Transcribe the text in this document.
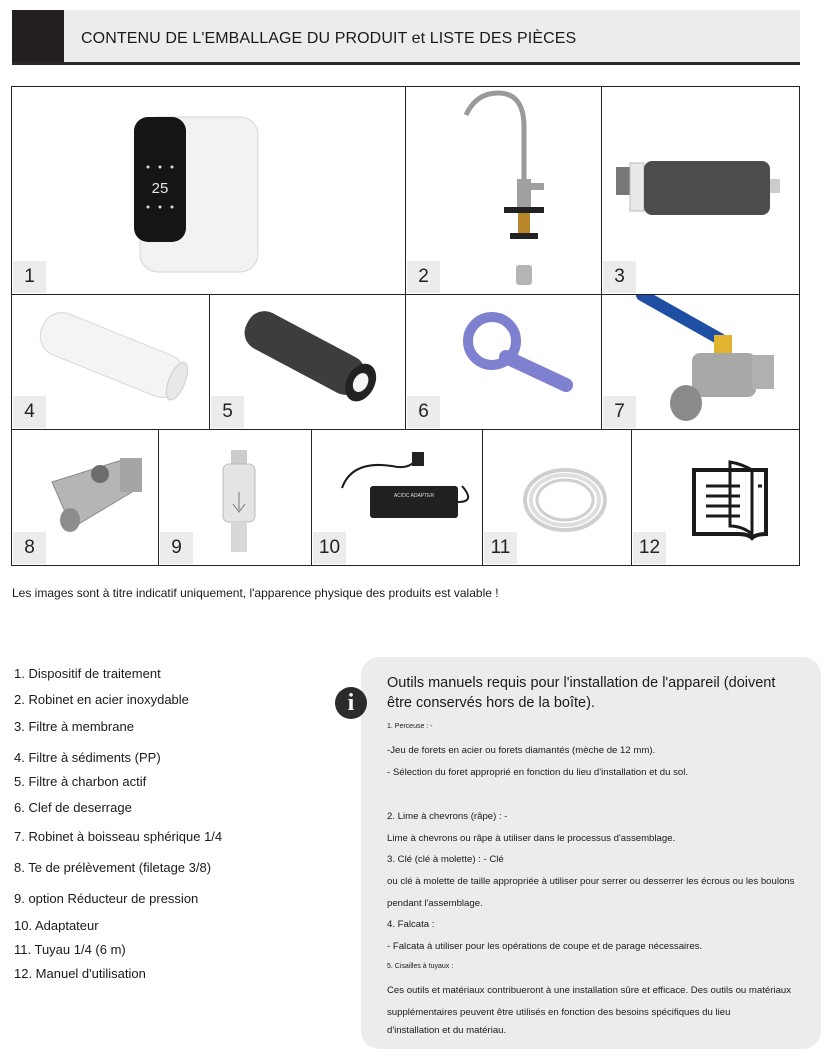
CONTENU DE L'EMBALLAGE DU PRODUIT et LISTE DES PIÈCES
25
1	2	3
4	5	6	7
8	9
AC/DC ADAPTER
10	11	12
Les images sont à titre indicatif uniquement, l'apparence physique des produits est valable !
1. Dispositif de traitement
2. Robinet en acier inoxydable
3. Filtre à membrane
4. Filtre à sédiments (PP)
5. Filtre à charbon actif
6. Clef de deserrage
7. Robinet à boisseau sphérique 1/4
8. Te de prélèvement (filetage 3/8)
9. option Réducteur de pression
10. Adaptateur
11. Tuyau 1/4 (6 m)
12. Manuel d'utilisation
Outils manuels requis pour l'installation de l'appareil (doivent
être conservés hors de la boîte).
1. Perceuse : -
-Jeu de forets en acier ou forets diamantés (mèche de 12 mm).
- Sélection du foret approprié en fonction du lieu d'installation et du sol.
2. Lime à chevrons (râpe) : -
Lime à chevrons ou râpe à utiliser dans le processus d'assemblage.
3. Clé (clé à molette) : - Clé
ou clé à molette de taille appropriée à utiliser pour serrer ou desserrer les écrous ou les boulons
pendant l'assemblage.
4. Falcata :
- Falcata à utiliser pour les opérations de coupe et de parage nécessaires.
5. Cisailles à tuyaux :
Ces outils et matériaux contribueront à une installation sûre et efficace. Des outils ou matériaux
supplémentaires peuvent être utilisés en fonction des besoins spécifiques du lieu
d'installation et du matériau.
i
